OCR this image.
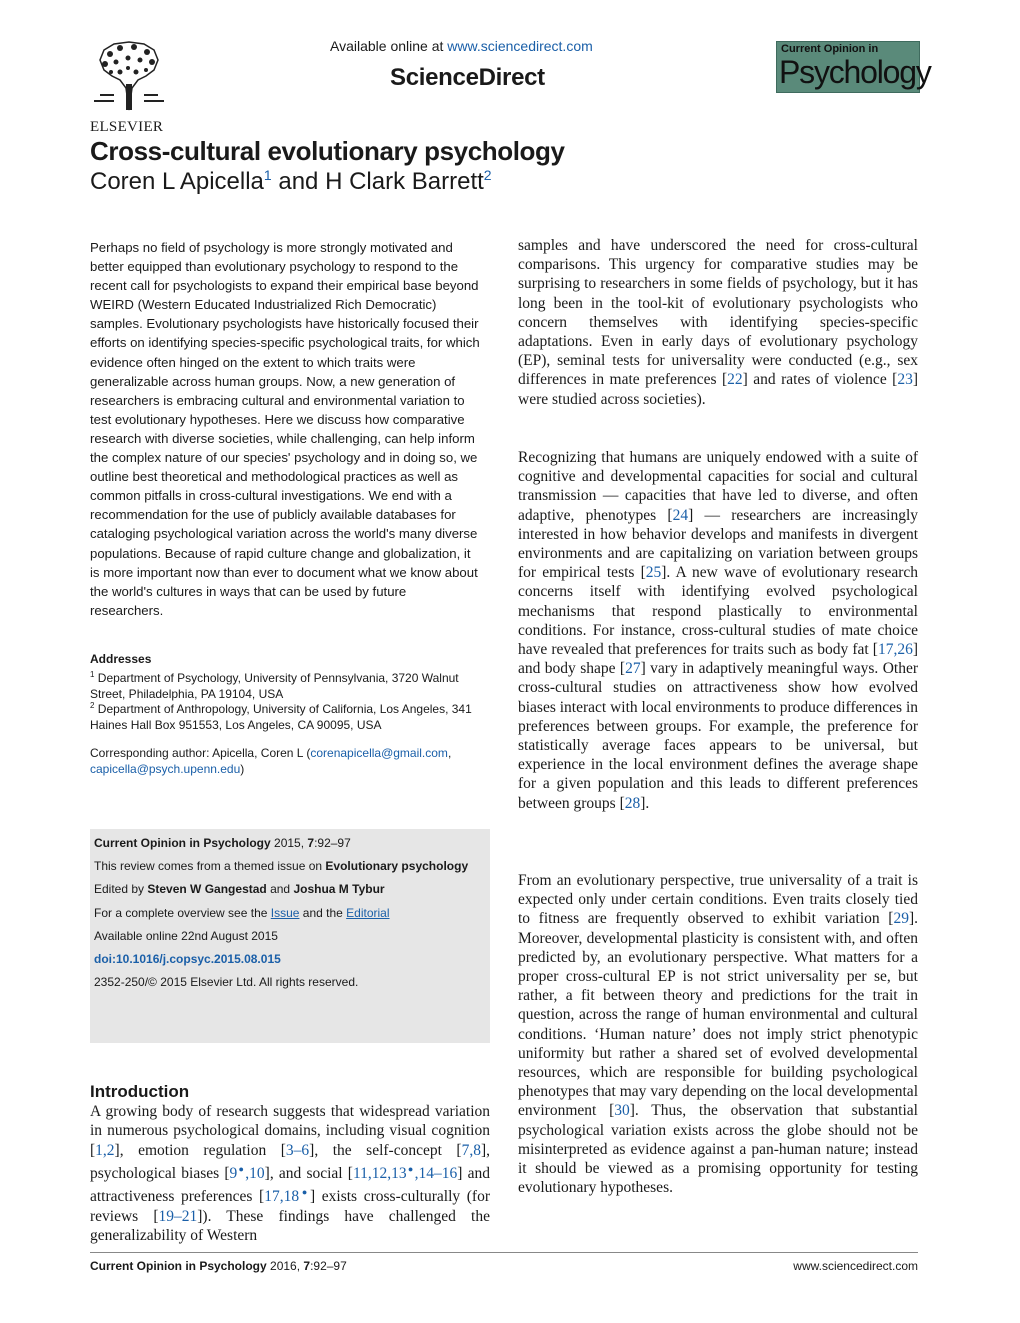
ELSEVIER
Available online at www.sciencedirect.com
ScienceDirect
Current Opinion in
Psychology
Cross-cultural evolutionary psychology
Coren L Apicella$^1$ and H Clark Barrett$^2$
Perhaps no field of psychology is more strongly motivated and better equipped than evolutionary psychology to respond to the recent call for psychologists to expand their empirical base beyond WEIRD (Western Educated Industrialized Rich Democratic) samples. Evolutionary psychologists have historically focused their efforts on identifying species-specific psychological traits, for which evidence often hinged on the extent to which traits were generalizable across human groups. Now, a new generation of researchers is embracing cultural and environmental variation to test evolutionary hypotheses. Here we discuss how comparative research with diverse societies, while challenging, can help inform the complex nature of our species' psychology and in doing so, we outline best theoretical and methodological practices as well as common pitfalls in cross-cultural investigations. We end with a recommendation for the use of publicly available databases for cataloging psychological variation across the world's many diverse populations. Because of rapid culture change and globalization, it is more important now than ever to document what we know about the world's cultures in ways that can be used by future researchers.
Addresses
$^1$ Department of Psychology, University of Pennsylvania, 3720 Walnut Street, Philadelphia, PA 19104, USA
$^2$ Department of Anthropology, University of California, Los Angeles, 341 Haines Hall Box 951553, Los Angeles, CA 90095, USA
Corresponding author: Apicella, Coren L (corenapicella@gmail.com,
capicella@psych.upenn.edu)
Current Opinion in Psychology 2015, 7:92–97
This review comes from a themed issue on Evolutionary psychology
Edited by Steven W Gangestad and Joshua M Tybur
For a complete overview see the Issue and the Editorial
Available online 22nd August 2015
doi:10.1016/j.copsyc.2015.08.015
2352-250/© 2015 Elsevier Ltd. All rights reserved.
Introduction
A growing body of research suggests that widespread variation in numerous psychological domains, including visual cognition [1,2], emotion regulation [3–6], the self-concept [7,8], psychological biases [9●,10], and social [11,12,13●,14–16] and attractiveness preferences [17,18●] exists cross-culturally (for reviews [19–21]). These findings have challenged the generalizability of Western
samples and have underscored the need for cross-cultural comparisons. This urgency for comparative studies may be surprising to researchers in some fields of psychology, but it has long been in the tool-kit of evolutionary psychologists who concern themselves with identifying species-specific adaptations. Even in early days of evolutionary psychology (EP), seminal tests for universality were conducted (e.g., sex differences in mate preferences [22] and rates of violence [23] were studied across societies).
Recognizing that humans are uniquely endowed with a suite of cognitive and developmental capacities for social and cultural transmission — capacities that have led to diverse, and often adaptive, phenotypes [24] — researchers are increasingly interested in how behavior develops and manifests in divergent environments and are capitalizing on variation between groups for empirical tests [25]. A new wave of evolutionary research concerns itself with identifying evolved psychological mechanisms that respond plastically to environmental conditions. For instance, cross-cultural studies of mate choice have revealed that preferences for traits such as body fat [17,26] and body shape [27] vary in adaptively meaningful ways. Other cross-cultural studies on attractiveness show how evolved biases interact with local environments to produce differences in preferences between groups. For example, the preference for statistically average faces appears to be universal, but experience in the local environment defines the average shape for a given population and this leads to different preferences between groups [28].
From an evolutionary perspective, true universality of a trait is expected only under certain conditions. Even traits closely tied to fitness are frequently observed to exhibit variation [29]. Moreover, developmental plasticity is consistent with, and often predicted by, an evolutionary perspective. What matters for a proper cross-cultural EP is not strict universality per se, but rather, a fit between theory and predictions for the trait in question, across the range of human environmental and cultural conditions. ‘Human nature’ does not imply strict phenotypic uniformity but rather a shared set of evolved developmental resources, which are responsible for building psychological phenotypes that may vary depending on the local developmental environment [30]. Thus, the observation that substantial psychological variation exists across the globe should not be misinterpreted as evidence against a pan-human nature; instead it should be viewed as a promising opportunity for testing evolutionary hypotheses.
Current Opinion in Psychology 2016, 7:92–97	www.sciencedirect.com
